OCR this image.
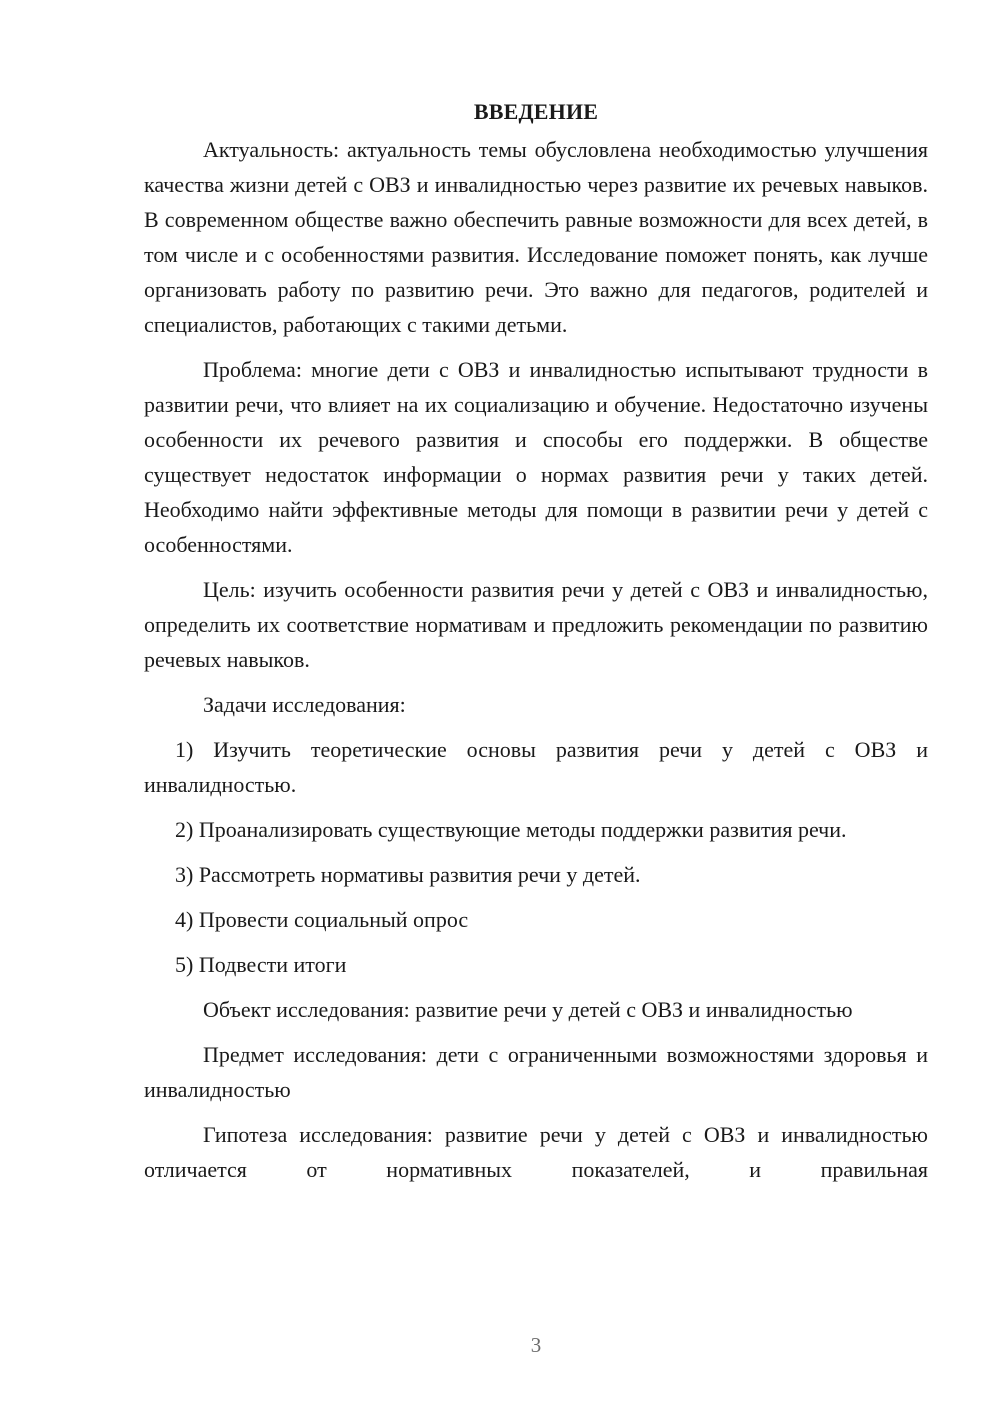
ВВЕДЕНИЕ

Актуальность: актуальность темы обусловлена необходимостью улучшения качества жизни детей с ОВЗ и инвалидностью через развитие их речевых навыков. В современном обществе важно обеспечить равные возможности для всех детей, в том числе и с особенностями развития. Исследование поможет понять, как лучше организовать работу по развитию речи. Это важно для педагогов, родителей и специалистов, работающих с такими детьми.

Проблема: многие дети с ОВЗ и инвалидностью испытывают трудности в развитии речи, что влияет на их социализацию и обучение. Недостаточно изучены особенности их речевого развития и способы его поддержки. В обществе существует недостаток информации о нормах развития речи у таких детей. Необходимо найти эффективные методы для помощи в развитии речи у детей с особенностями.

Цель: изучить особенности развития речи у детей с ОВЗ и инвалидностью, определить их соответствие нормативам и предложить рекомендации по развитию речевых навыков.

Задачи исследования:

1) Изучить теоретические основы развития речи у детей с ОВЗ и инвалидностью.

2) Проанализировать существующие методы поддержки развития речи.

3) Рассмотреть нормативы развития речи у детей.

4) Провести социальный опрос

5) Подвести итоги

Объект исследования: развитие речи у детей с ОВЗ и инвалидностью

Предмет исследования: дети с ограниченными возможностями здоровья и инвалидностью

Гипотеза исследования: развитие речи у детей с ОВЗ и инвалидностью отличается от нормативных показателей, и правильная

3
